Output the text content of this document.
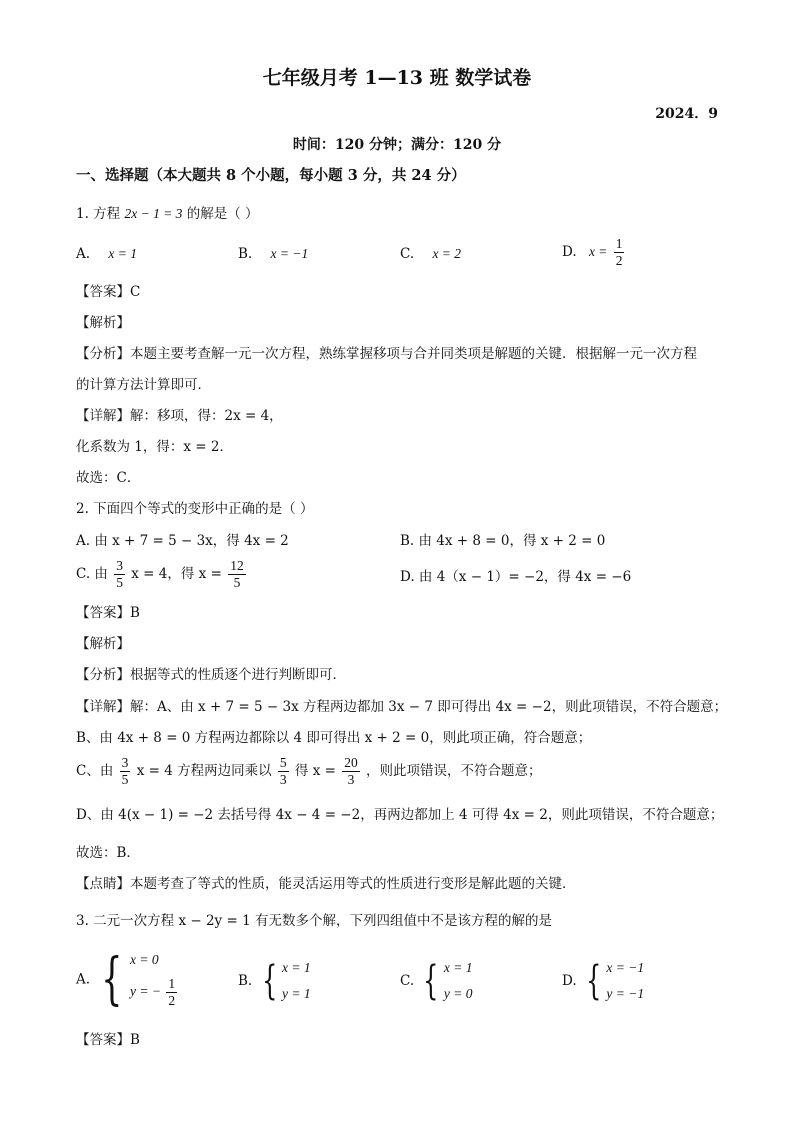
七年级月考 1—13 班 数学试卷
2024．9
时间：120 分钟；满分：120 分
一、选择题（本大题共 8 个小题，每小题 3 分，共 24 分）
1. 方程 2x − 1 = 3 的解是（ ）
A. x = 1	B. x = −1	C. x = 2	D. $x = \frac{1}{2}$
【答案】C
【解析】
【分析】本题主要考查解一元一次方程，熟练掌握移项与合并同类项是解题的关键．根据解一元一次方程
的计算方法计算即可．
【详解】解：移项，得：2x = 4，
化系数为 1，得：x = 2．
故选：C．
2. 下面四个等式的变形中正确的是（ ）
A. 由 x + 7 = 5 − 3x，得 4x = 2	B. 由 4x + 8 = 0，得 x + 2 = 0
C. 由 $\frac{3}{5}$ x = 4，得 $x = \frac{12}{5}$	D. 由 4（x − 1）= −2，得 4x = −6
【答案】B
【解析】
【分析】根据等式的性质逐个进行判断即可．
【详解】解：A、由 x + 7 = 5 − 3x 方程两边都加 3x − 7 即可得出 4x = −2，则此项错误，不符合题意；
B、由 4x + 8 = 0 方程两边都除以 4 即可得出 x + 2 = 0，则此项正确，符合题意；
C、由 $\frac{3}{5}$ x = 4 方程两边同乘以 $\frac{5}{3}$ 得 $x = \frac{20}{3}$ ，则此项错误，不符合题意；
D、由 4(x − 1) = −2 去括号得 4x − 4 = −2，再两边都加上 4 可得 4x = 2，则此项错误，不符合题意；
故选：B．
【点睛】本题考查了等式的性质，能灵活运用等式的性质进行变形是解此题的关键．
3. 二元一次方程 x − 2y = 1 有无数多个解，下列四组值中不是该方程的解的是
A. { x = 0
y = − $\frac{1}{2}$	B. { x = 1
y = 1
C. { x = 1
y = 0
D. { x = −1
y = −1
【答案】B
